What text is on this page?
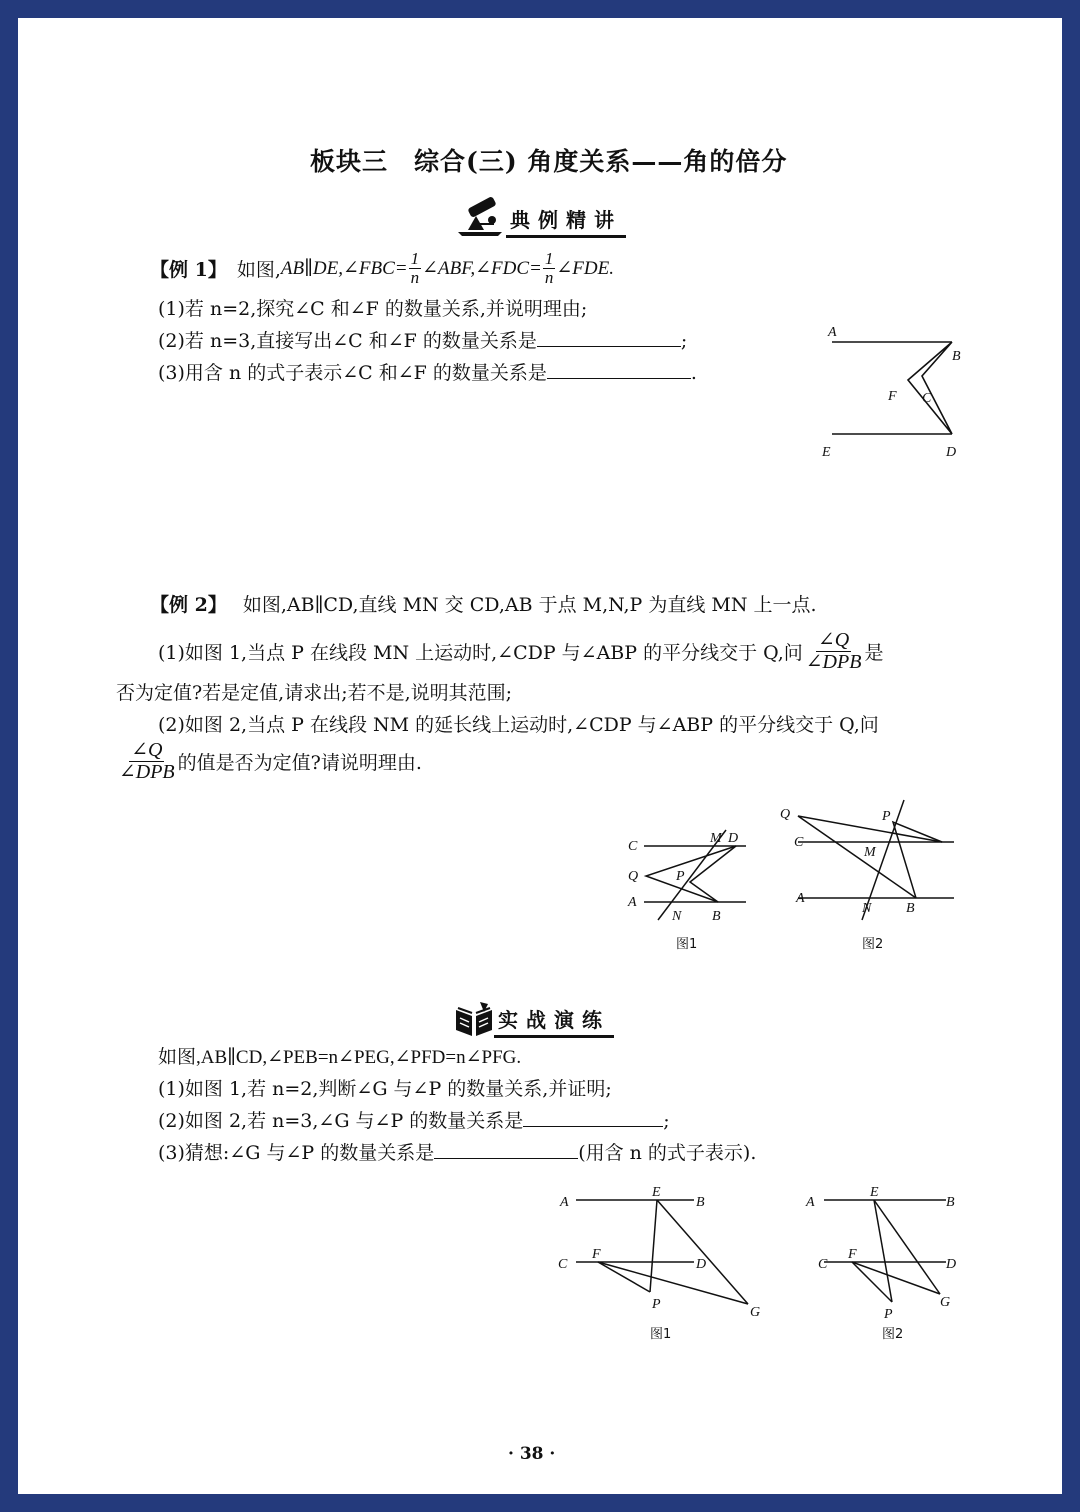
板块三　综合(三) 角度关系——角的倍分
典例精讲
【例 1】 如图, AB∥DE,∠FBC= $\frac{1}{n}$ ∠ABF,∠FDC= $\frac{1}{n}$ ∠FDE.
(1)若 n=2,探究∠C 和∠F 的数量关系,并说明理由;
(2)若 n=3,直接写出∠C 和∠F 的数量关系是	;
(3)用含 n 的式子表示∠C 和∠F 的数量关系是	.
A
B
F C
E	D
【例 2】 如图,AB∥CD,直线 MN 交 CD,AB 于点 M,N,P 为直线 MN 上一点.
(1)如图 1,当点 P 在线段 MN 上运动时,∠CDP 与∠ABP 的平分线交于 Q,问 $\frac{\angle Q}{\text{∠DPB}}$ 是
否为定值?若是定值,请求出;若不是,说明其范围;
(2)如图 2,当点 P 在线段 NM 的延长线上运动时,∠CDP 与∠ABP 的平分线交于 Q,问
$\frac{\angle Q}{\text{∠DPB}}$ 的值是否为定值?请说明理由.
C
M D
Q	P
A
N B
图1
Q	P
C
M
A
N B
图2
实战演练
如图,AB∥CD,∠PEB=n∠PEG,∠PFD=n∠PFG.
(1)如图 1,若 n=2,判断∠G 与∠P 的数量关系,并证明;
(2)如图 2,若 n=3,∠G 与∠P 的数量关系是	;
(3)猜想:∠G 与∠P 的数量关系是	(用含 n 的式子表示).
A
E
B
C
F
D
P
G
图1
A
E
B
C
F
D
P
G
图2
· 38 ·
